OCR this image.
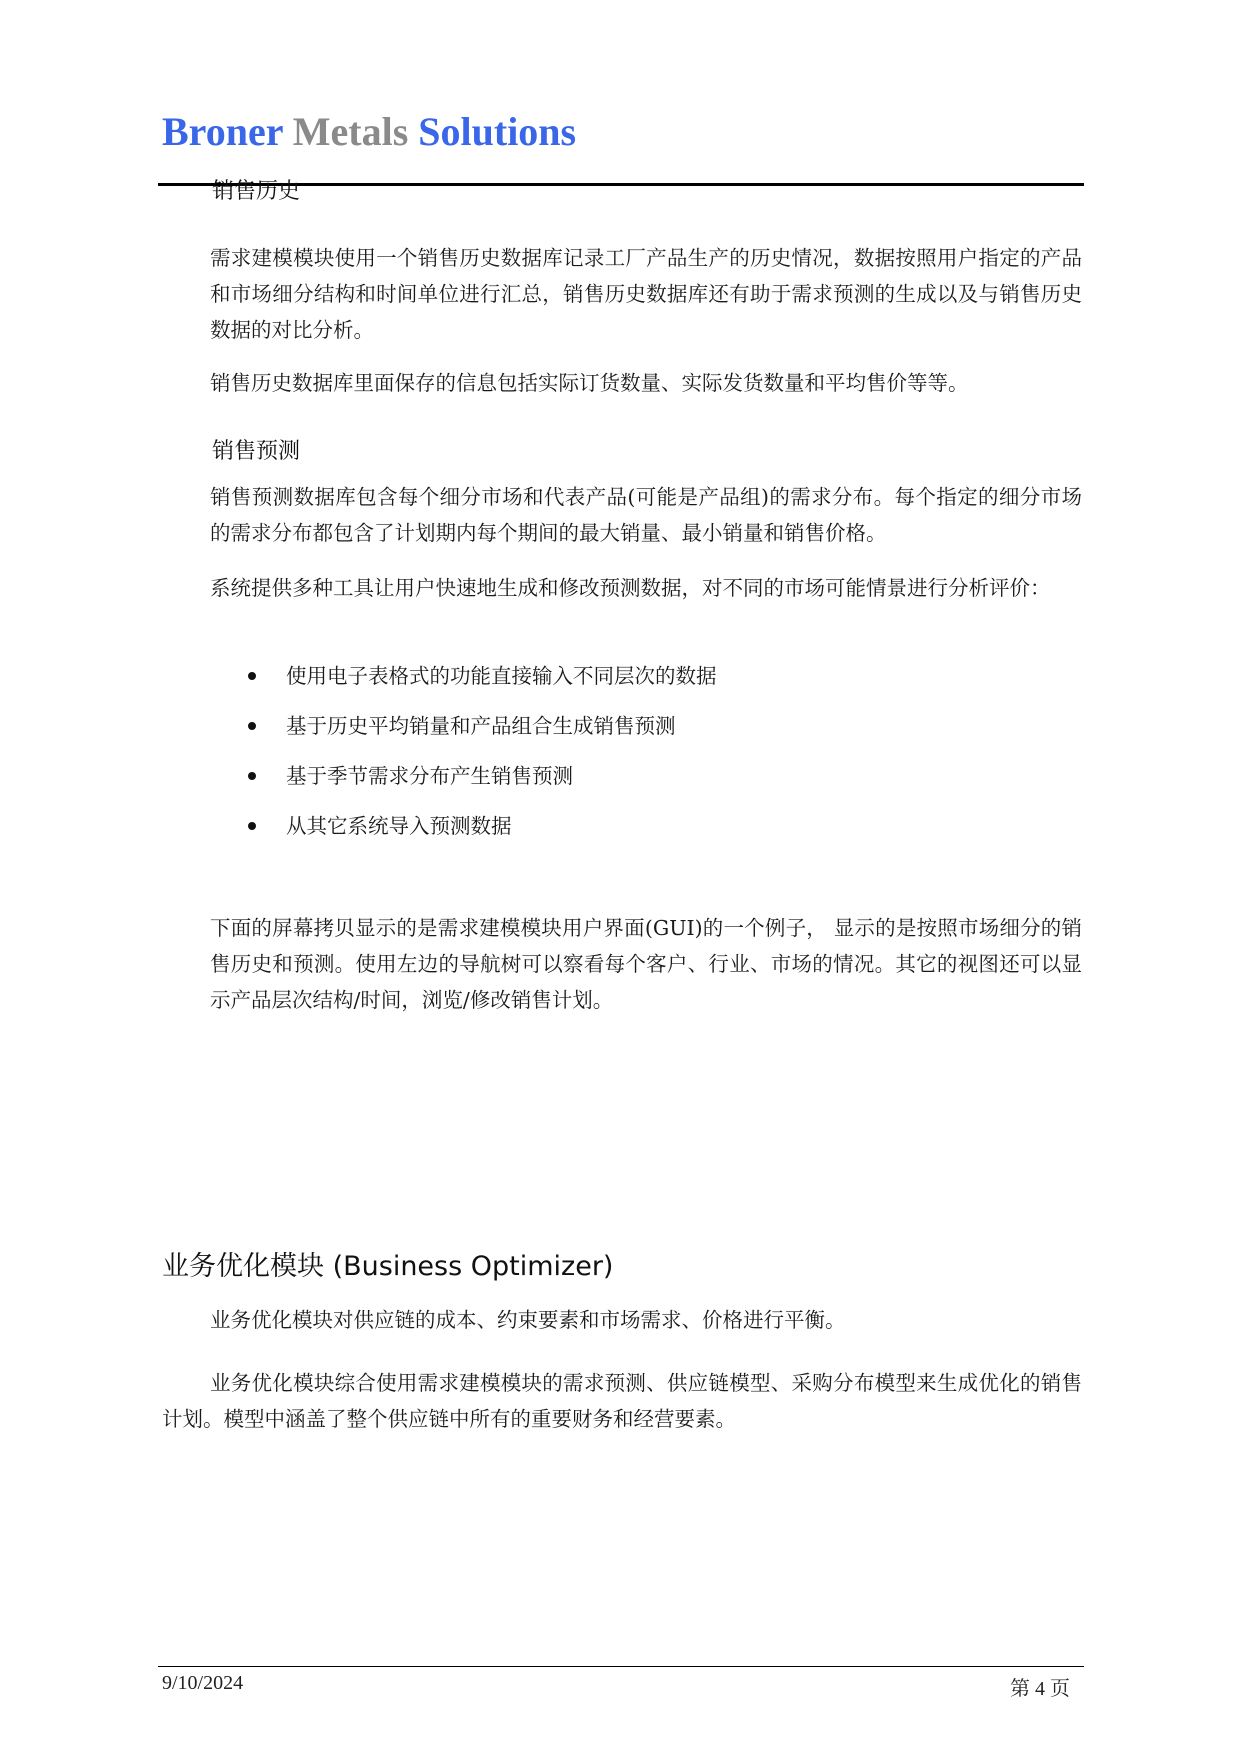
Broner Metals Solutions
销售历史
需求建模模块使用一个销售历史数据库记录工厂产品生产的历史情况，数据按照用户指定的产品和市场细分结构和时间单位进行汇总，销售历史数据库还有助于需求预测的生成以及与销售历史数据的对比分析。
销售历史数据库里面保存的信息包括实际订货数量、实际发货数量和平均售价等等。
销售预测
销售预测数据库包含每个细分市场和代表产品(可能是产品组)的需求分布。每个指定的细分市场的需求分布都包含了计划期内每个期间的最大销量、最小销量和销售价格。
系统提供多种工具让用户快速地生成和修改预测数据，对不同的市场可能情景进行分析评价：
使用电子表格式的功能直接输入不同层次的数据
基于历史平均销量和产品组合生成销售预测
基于季节需求分布产生销售预测
从其它系统导入预测数据
下面的屏幕拷贝显示的是需求建模模块用户界面(GUI)的一个例子， 显示的是按照市场细分的销售历史和预测。使用左边的导航树可以察看每个客户、行业、市场的情况。其它的视图还可以显示产品层次结构/时间，浏览/修改销售计划。
业务优化模块 (Business Optimizer)
业务优化模块对供应链的成本、约束要素和市场需求、价格进行平衡。
业务优化模块综合使用需求建模模块的需求预测、供应链模型、采购分布模型来生成优化的销售计划。模型中涵盖了整个供应链中所有的重要财务和经营要素。
9/10/2024	第 4 页
